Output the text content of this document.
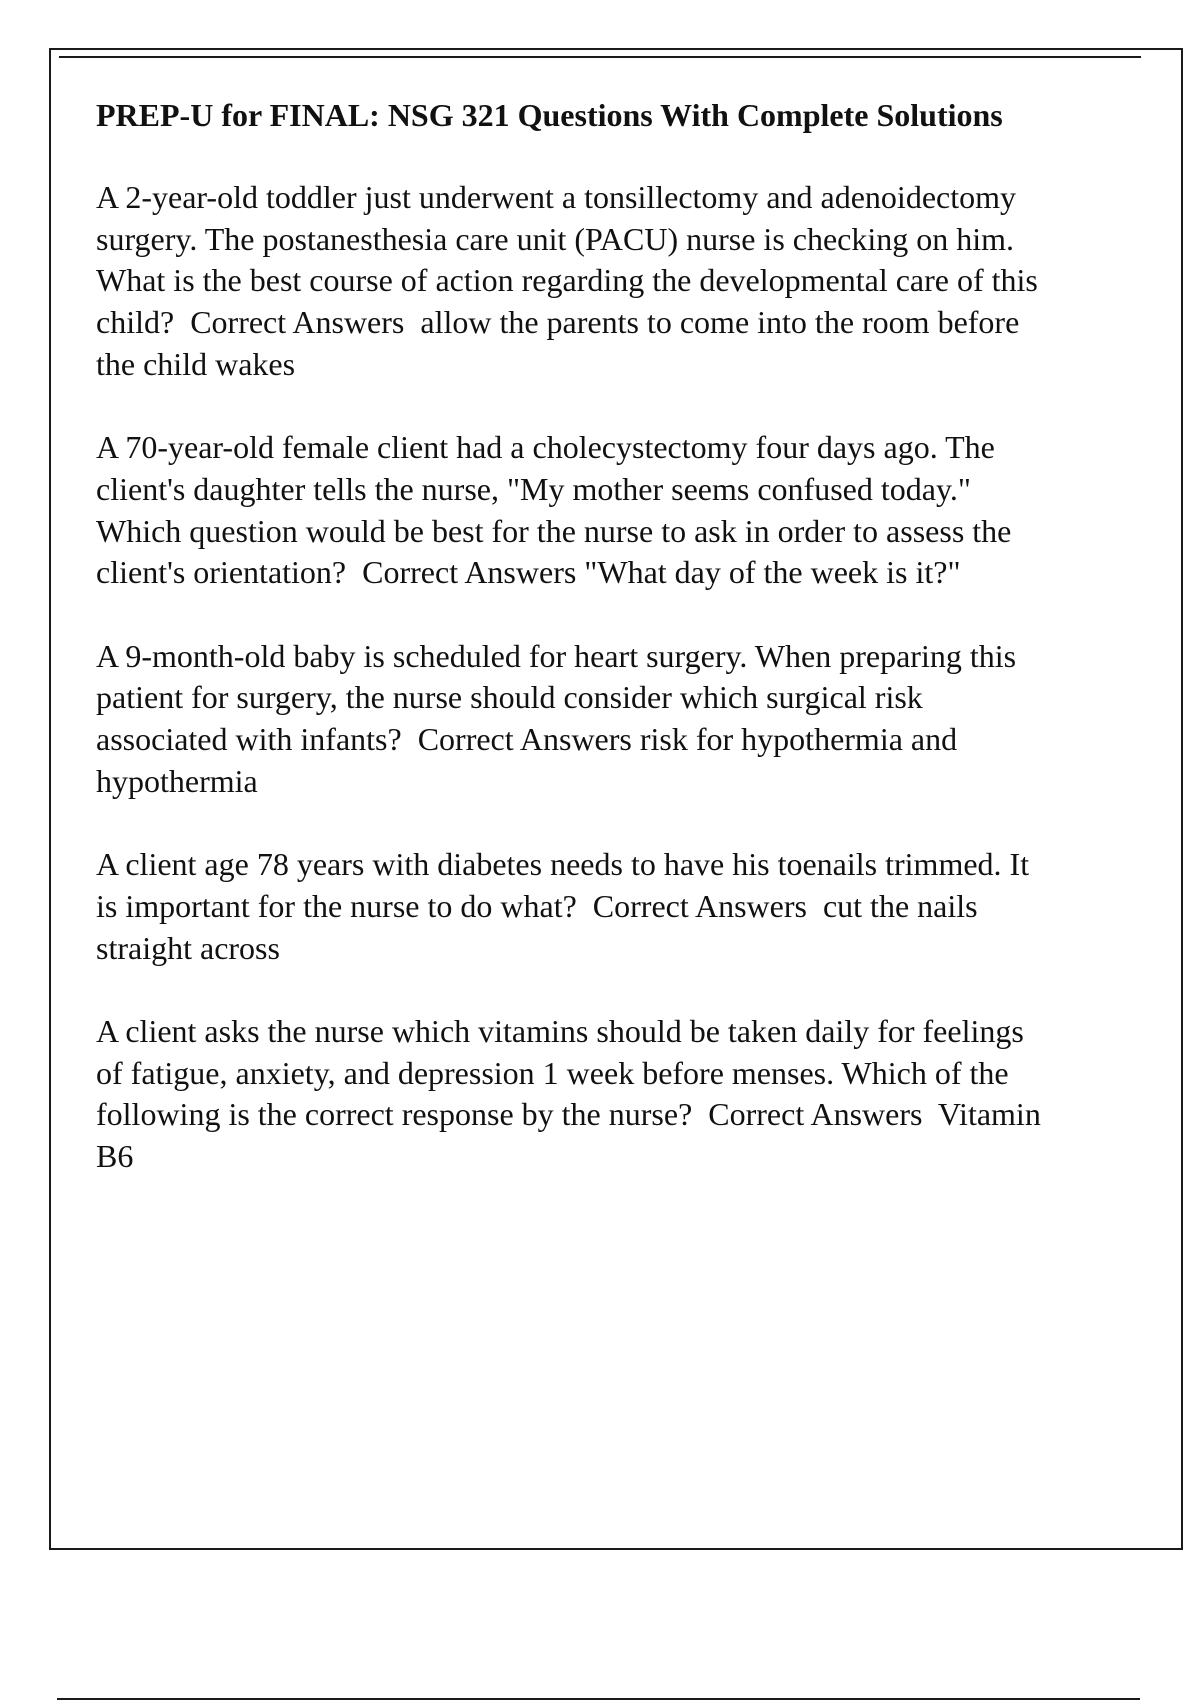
PREP-U for FINAL: NSG 321 Questions With Complete Solutions

A 2-year-old toddler just underwent a tonsillectomy and adenoidectomy surgery. The postanesthesia care unit (PACU) nurse is checking on him. What is the best course of action regarding the developmental care of this child? Correct Answers allow the parents to come into the room before the child wakes

A 70-year-old female client had a cholecystectomy four days ago. The client's daughter tells the nurse, "My mother seems confused today." Which question would be best for the nurse to ask in order to assess the client's orientation? Correct Answers "What day of the week is it?"

A 9-month-old baby is scheduled for heart surgery. When preparing this patient for surgery, the nurse should consider which surgical risk associated with infants? Correct Answers risk for hypothermia and hypothermia

A client age 78 years with diabetes needs to have his toenails trimmed. It is important for the nurse to do what? Correct Answers cut the nails straight across

A client asks the nurse which vitamins should be taken daily for feelings of fatigue, anxiety, and depression 1 week before menses. Which of the following is the correct response by the nurse? Correct Answers Vitamin B6
